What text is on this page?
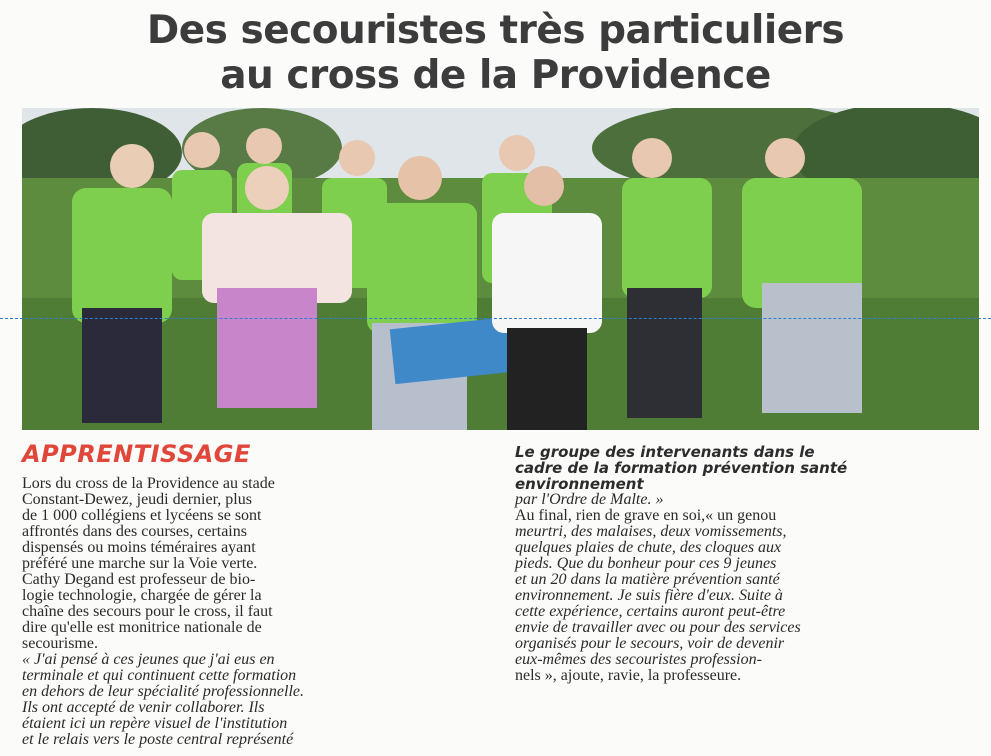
Des secouristes très particuliers
au cross de la Providence
APPRENTISSAGE

Lors du cross de la Providence au stade

Constant-Dewez, jeudi dernier, plus

de 1 000 collégiens et lycéens se sont

affrontés dans des courses, certains

dispensés ou moins téméraires ayant

préféré une marche sur la Voie verte.

Cathy Degand est professeur de bio-

logie technologie, chargée de gérer la

chaîne des secours pour le cross, il faut

dire qu'elle est monitrice nationale de

secourisme.

« J'ai pensé à ces jeunes que j'ai eus en

terminale et qui continuent cette formation

en dehors de leur spécialité professionnelle.

Ils ont accepté de venir collaborer. Ils

étaient ici un repère visuel de l'institution

et le relais vers le poste central représenté

Le groupe des intervenants dans le

cadre de la formation prévention santé

environnement

par l'Ordre de Malte. »

Au final, rien de grave en soi,« un genou

meurtri, des malaises, deux vomissements,

quelques plaies de chute, des cloques aux

pieds. Que du bonheur pour ces 9 jeunes

et un 20 dans la matière prévention santé

environnement. Je suis fière d'eux. Suite à

cette expérience, certains auront peut-être

envie de travailler avec ou pour des services

organisés pour le secours, voir de devenir

eux-mêmes des secouristes profession-

nels », ajoute, ravie, la professeure.
